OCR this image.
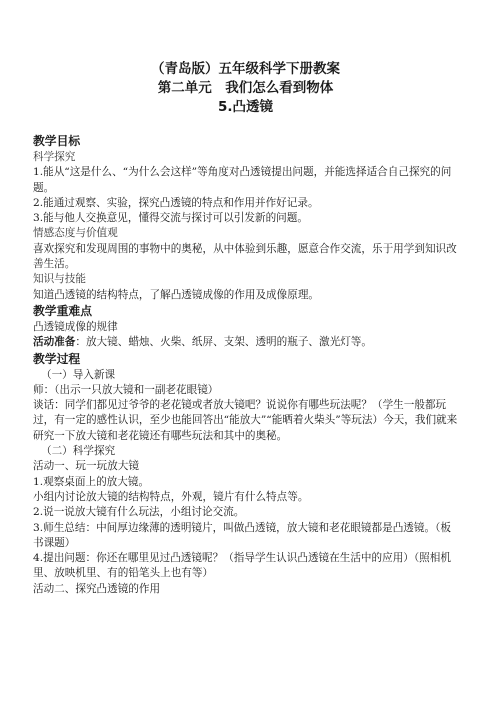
（青岛版）五年级科学下册教案
第二单元　我们怎么看到物体
5.凸透镜

教学目标

科学探究

1.能从“这是什么、“为什么会这样”等角度对凸透镜提出问题，并能选择适合自己探究的问题。

2.能通过观察、实验，探究凸透镜的特点和作用并作好记录。

3.能与他人交换意见，懂得交流与探讨可以引发新的问题。

情感态度与价值观

喜欢探究和发现周围的事物中的奥秘，从中体验到乐趣，愿意合作交流，乐于用学到知识改善生活。

知识与技能

知道凸透镜的结构特点，了解凸透镜成像的作用及成像原理。

教学重难点

凸透镜成像的规律

活动准备：放大镜、蜡烛、火柴、纸屏、支架、透明的瓶子、激光灯等。

教学过程

（一）导入新课

师：（出示一只放大镜和一副老花眼镜）

谈话：同学们都见过爷爷的老花镜或者放大镜吧？说说你有哪些玩法呢？（学生一般都玩过，有一定的感性认识，至少也能回答出“能放大”“能晒着火柴头”等玩法）今天，我们就来研究一下放大镜和老花镜还有哪些玩法和其中的奥秘。

（二）科学探究

活动一、玩一玩放大镜

1.观察桌面上的放大镜。

小组内讨论放大镜的结构特点，外观，镜片有什么特点等。

2.说一说放大镜有什么玩法，小组讨论交流。

3.师生总结：中间厚边缘薄的透明镜片，叫做凸透镜，放大镜和老花眼镜都是凸透镜。（板书课题）

4.提出问题：你还在哪里见过凸透镜呢？（指导学生认识凸透镜在生活中的应用）（照相机里、放映机里、有的铅笔头上也有等）

活动二、探究凸透镜的作用
